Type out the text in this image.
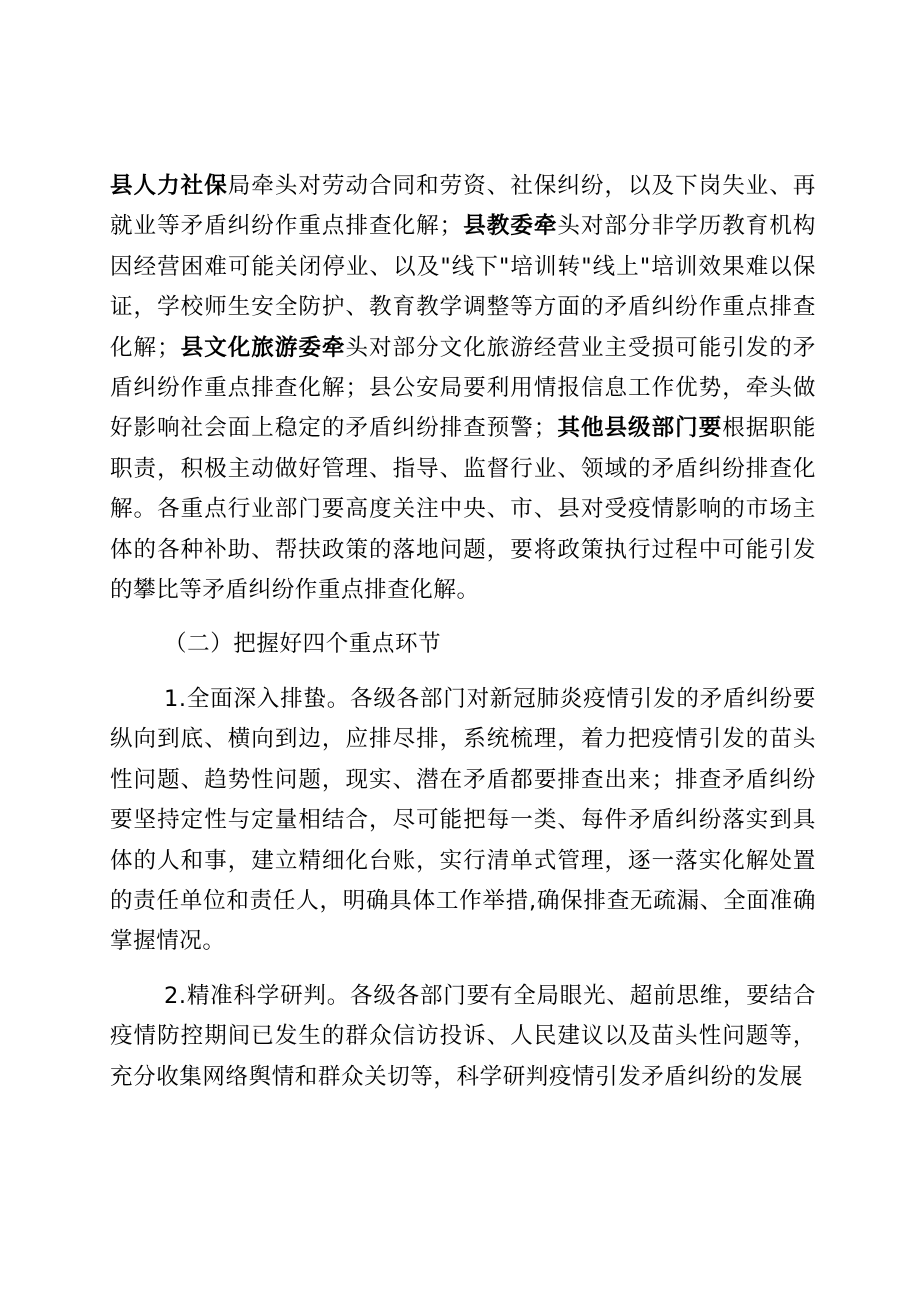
县人力社保局牵头对劳动合同和劳资、社保纠纷，以及下岗失业、再就业等矛盾纠纷作重点排查化解；县教委牵头对部分非学历教育机构因经营困难可能关闭停业、以及"线下"培训转"线上"培训效果难以保证，学校师生安全防护、教育教学调整等方面的矛盾纠纷作重点排查化解；县文化旅游委牵头对部分文化旅游经营业主受损可能引发的矛盾纠纷作重点排查化解；县公安局要利用情报信息工作优势，牵头做好影响社会面上稳定的矛盾纠纷排查预警；其他县级部门要根据职能职责，积极主动做好管理、指导、监督行业、领域的矛盾纠纷排查化解。各重点行业部门要高度关注中央、市、县对受疫情影响的市场主体的各种补助、帮扶政策的落地问题，要将政策执行过程中可能引发的攀比等矛盾纠纷作重点排查化解。

（二）把握好四个重点环节

1.全面深入排蛰。各级各部门对新冠肺炎疫情引发的矛盾纠纷要纵向到底、横向到边，应排尽排，系统梳理，着力把疫情引发的苗头性问题、趋势性问题，现实、潜在矛盾都要排查出来；排查矛盾纠纷要坚持定性与定量相结合，尽可能把每一类、每件矛盾纠纷落实到具体的人和事，建立精细化台账，实行清单式管理，逐一落实化解处置的责任单位和责任人，明确具体工作举措,确保排查无疏漏、全面准确掌握情况。

2.精准科学研判。各级各部门要有全局眼光、超前思维，要结合疫情防控期间已发生的群众信访投诉、人民建议以及苗头性问题等，充分收集网络舆情和群众关切等，科学研判疫情引发矛盾纠纷的发展
